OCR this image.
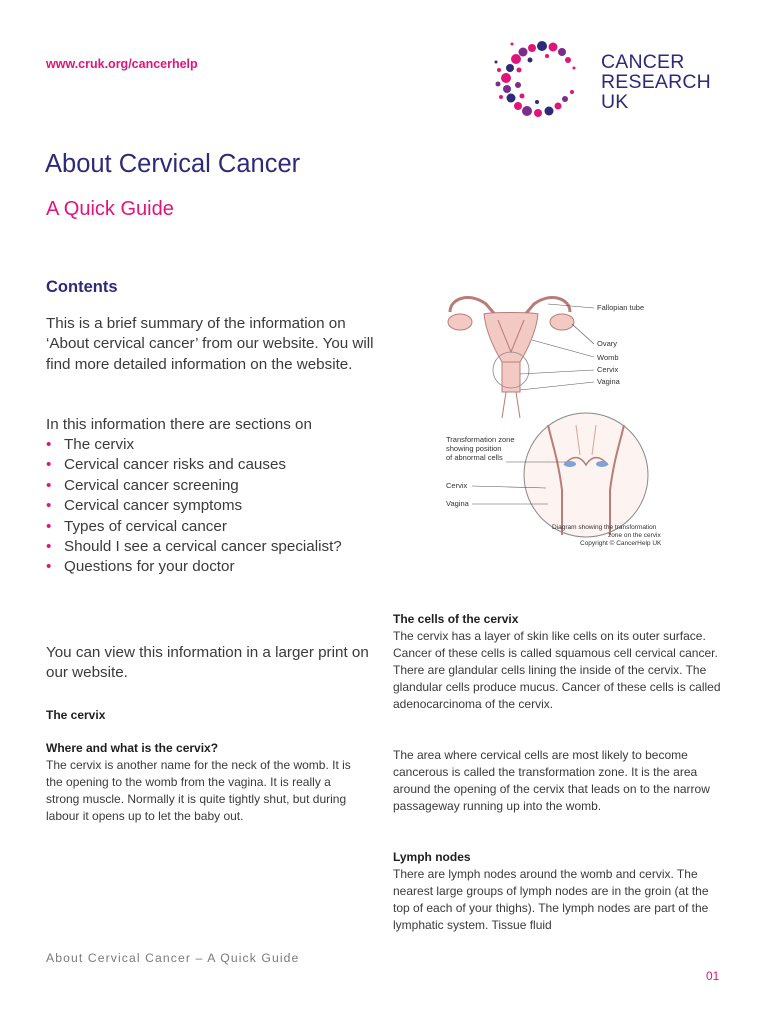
www.cruk.org/cancerhelp	CANCER
RESEARCH
UK
About Cervical Cancer
A Quick Guide
Contents
This is a brief summary of the information on ‘About cervical cancer’ from our website. You will find more detailed information on the website.
In this information there are sections on
• The cervix
• Cervical cancer risks and causes
• Cervical cancer screening
• Cervical cancer symptoms
• Types of cervical cancer
• Should I see a cervical cancer specialist?
• Questions for your doctor
You can view this information in a larger print on our website.
The cervix
Where and what is the cervix?
The cervix is another name for the neck of the womb. It is the opening to the womb from the vagina. It is really a strong muscle. Normally it is quite tightly shut, but during labour it opens up to let the baby out.
Fallopian tube
Ovary
Womb
Cervix
Vagina
Transformation zone
showing position
of abnormal cells
Cervix
Vagina
Diagram showing the transformation
zone on the cervix
Copyright © CancerHelp UK
The cells of the cervix
The cervix has a layer of skin like cells on its outer surface. Cancer of these cells is called squamous cell cervical cancer. There are glandular cells lining the inside of the cervix. The glandular cells produce mucus. Cancer of these cells is called adenocarcinoma of the cervix.
The area where cervical cells are most likely to become cancerous is called the transformation zone. It is the area around the opening of the cervix that leads on to the narrow passageway running up into the womb.
Lymph nodes
There are lymph nodes around the womb and cervix. The nearest large groups of lymph nodes are in the groin (at the top of each of your thighs). The lymph nodes are part of the lymphatic system. Tissue fluid
About Cervical Cancer – A Quick Guide
01
